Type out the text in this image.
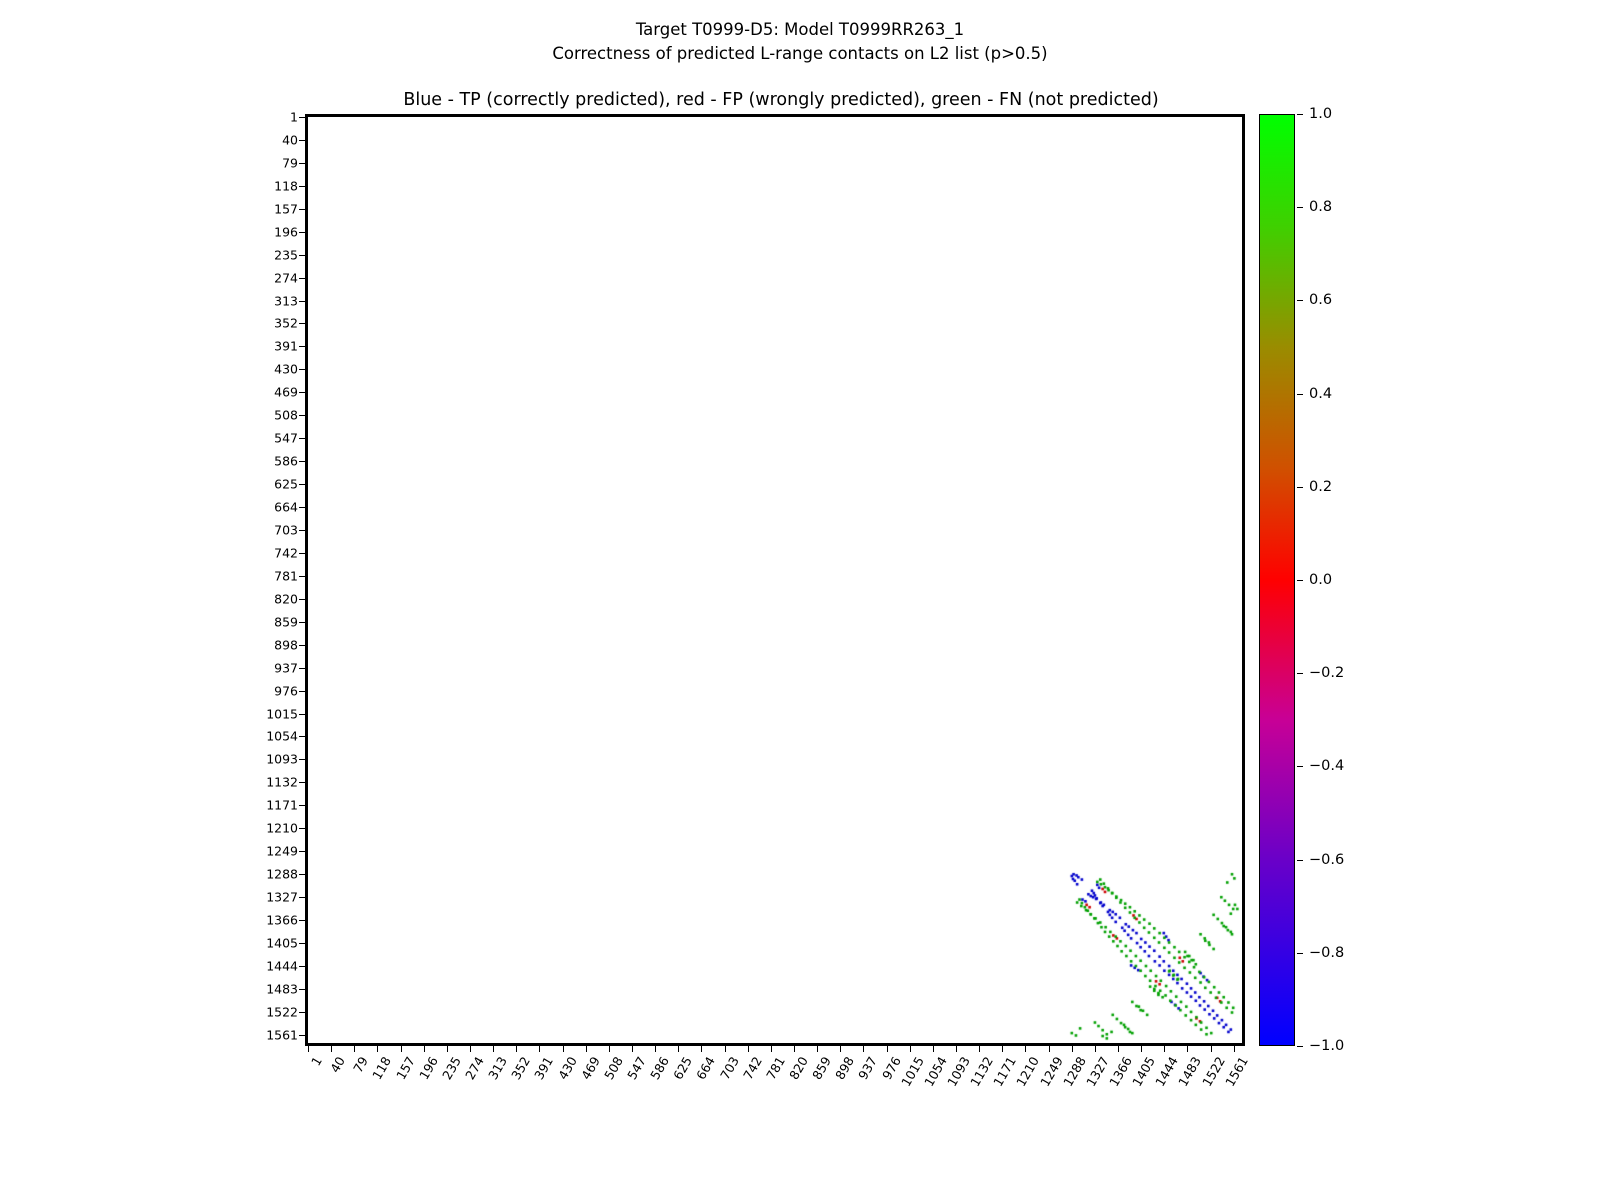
Target T0999-D5: Model T0999RR263_1
Correctness of predicted L-range contacts on L2 list (p>0.5)
Blue - TP (correctly predicted), red - FP (wrongly predicted), green - FN (not predicted)
1
40
79
118
157
196
235
274
313
352
391
430
469
508
547
586
625
664
703
742
781
820
859
898
937
976
1015
1054
1093
1132
1171
1210
1249
1288
1327
1366
1405
1444
1483
1522
1561
1 40 79
118
157
196
235
274
313
352
391
430
469
508
547
586
625
664
703
742
781
820
859
898
937
976
1015
1054
1093
1132
1171
1210
1249
1288
1327
1366
1405
1444
1483
1522
1561
1.0
0.8
0.6
0.4
0.2
0.0
−0.2
−0.4
−0.6
−0.8
−1.0
